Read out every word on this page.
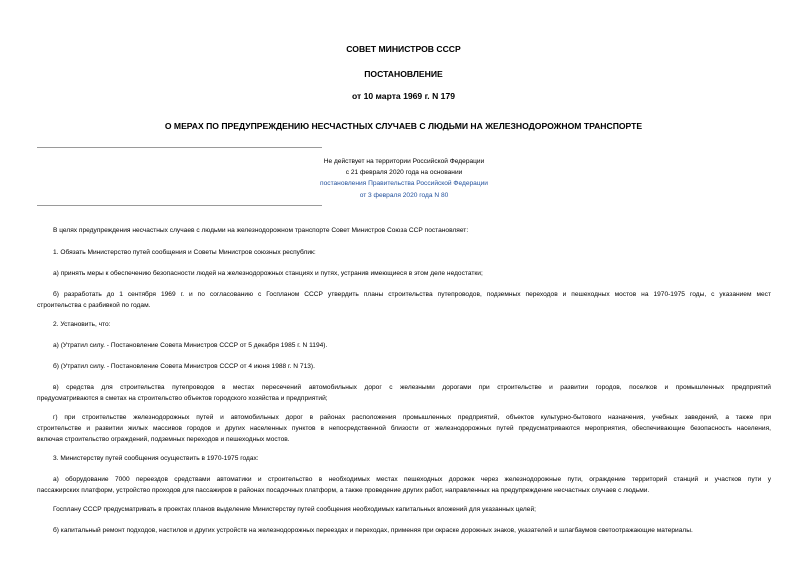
СОВЕТ МИНИСТРОВ СССР
ПОСТАНОВЛЕНИЕ
от 10 марта 1969 г. N 179
О МЕРАХ ПО ПРЕДУПРЕЖДЕНИЮ НЕСЧАСТНЫХ СЛУЧАЕВ С ЛЮДЬМИ НА ЖЕЛЕЗНОДОРОЖНОМ ТРАНСПОРТЕ
Не действует на территории Российской Федерации
с 21 февраля 2020 года на основании
постановления Правительства Российской Федерации
от 3 февраля 2020 года N 80
В целях предупреждения несчастных случаев с людьми на железнодорожном транспорте Совет Министров Союза ССР постановляет:
1. Обязать Министерство путей сообщения и Советы Министров союзных республик:
а) принять меры к обеспечению безопасности людей на железнодорожных станциях и путях, устранив имеющиеся в этом деле недостатки;
б) разработать до 1 сентября 1969 г. и по согласованию с Госпланом СССР утвердить планы строительства путепроводов, подземных переходов и пешеходных мостов на 1970-1975 годы, с указанием мест
строительства с разбивкой по годам.
2. Установить, что:
а) (Утратил силу. - Постановление Совета Министров СССР от 5 декабря 1985 г. N 1194).
б) (Утратил силу. - Постановление Совета Министров СССР от 4 июня 1988 г. N 713).
в) средства для строительства путепроводов в местах пересечений автомобильных дорог с железными дорогами при строительстве и развитии городов, поселков и промышленных предприятий
предусматриваются в сметах на строительство объектов городского хозяйства и предприятий;
г) при строительстве железнодорожных путей и автомобильных дорог в районах расположения промышленных предприятий, объектов культурно-бытового назначения, учебных заведений, а также при
строительстве и развитии жилых массивов городов и других населенных пунктов в непосредственной близости от железнодорожных путей предусматриваются мероприятия, обеспечивающие безопасность населения,
включая строительство ограждений, подземных переходов и пешеходных мостов.
3. Министерству путей сообщения осуществить в 1970-1975 годах:
а) оборудование 7000 переездов средствами автоматики и строительство в необходимых местах пешеходных дорожек через железнодорожные пути, ограждение территорий станций и участков пути у
пассажирских платформ, устройство проходов для пассажиров в районах посадочных платформ, а также проведение других работ, направленных на предупреждение несчастных случаев с людьми.
Госплану СССР предусматривать в проектах планов выделение Министерству путей сообщения необходимых капитальных вложений для указанных целей;
б) капитальный ремонт подходов, настилов и других устройств на железнодорожных переездах и переходах, применяя при окраске дорожных знаков, указателей и шлагбаумов светоотражающие материалы.
